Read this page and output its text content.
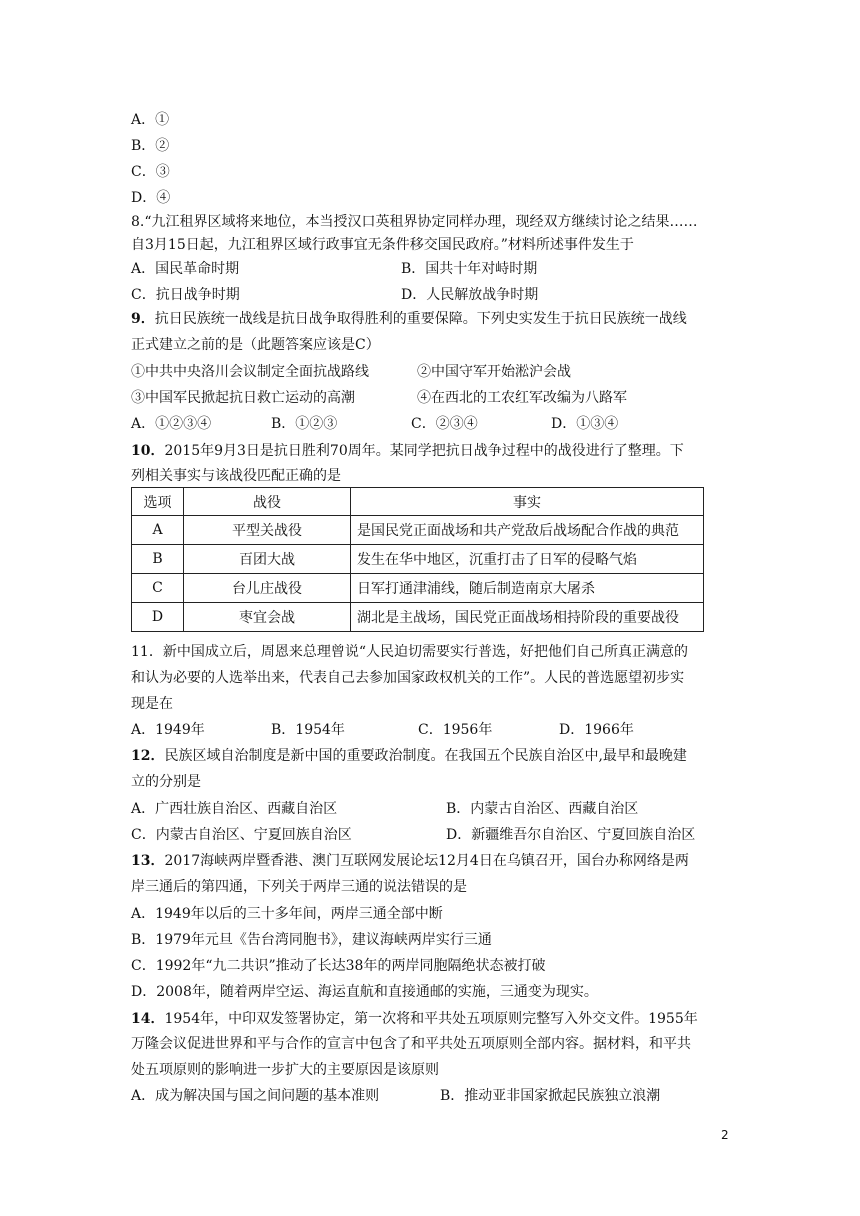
A．①
B．②
C．③
D．④
8.“九江租界区域将来地位，本当授汉口英租界协定同样办理，现经双方继续讨论之结果……
自3月15日起，九江租界区域行政事宜无条件移交国民政府。”材料所述事件发生于
A．国民革命时期	B．国共十年对峙时期
C．抗日战争时期	D．人民解放战争时期
9．抗日民族统一战线是抗日战争取得胜利的重要保障。下列史实发生于抗日民族统一战线
正式建立之前的是（此题答案应该是C）
①中共中央洛川会议制定全面抗战路线	②中国守军开始淞沪会战
③中国军民掀起抗日救亡运动的高潮	④在西北的工农红军改编为八路军
A．①②③④	B．①②③	C．②③④	D．①③④
10．2015年9月3日是抗日胜利70周年。某同学把抗日战争过程中的战役进行了整理。下
列相关事实与该战役匹配正确的是
选项	战役	事实
A	平型关战役	是国民党正面战场和共产党敌后战场配合作战的典范
B	百团大战	发生在华中地区，沉重打击了日军的侵略气焰
C	台儿庄战役	日军打通津浦线，随后制造南京大屠杀
D	枣宜会战	湖北是主战场，国民党正面战场相持阶段的重要战役
11．新中国成立后，周恩来总理曾说“人民迫切需要实行普选，好把他们自己所真正满意的
和认为必要的人选举出来，代表自己去参加国家政权机关的工作”。人民的普选愿望初步实
现是在
A．1949年	B．1954年	C．1956年	D．1966年
12．民族区域自治制度是新中国的重要政治制度。在我国五个民族自治区中,最早和最晚建
立的分别是
A．广西壮族自治区、西藏自治区	B．内蒙古自治区、西藏自治区
C．内蒙古自治区、宁夏回族自治区	D．新疆维吾尔自治区、宁夏回族自治区
13．2017海峡两岸暨香港、澳门互联网发展论坛12月4日在乌镇召开，国台办称网络是两
岸三通后的第四通，下列关于两岸三通的说法错误的是
A．1949年以后的三十多年间，两岸三通全部中断
B．1979年元旦《告台湾同胞书》，建议海峡两岸实行三通
C．1992年“九二共识”推动了长达38年的两岸同胞隔绝状态被打破
D．2008年，随着两岸空运、海运直航和直接通邮的实施，三通变为现实。
14．1954年，中印双发签署协定，第一次将和平共处五项原则完整写入外交文件。1955年
万隆会议促进世界和平与合作的宣言中包含了和平共处五项原则全部内容。据材料，和平共
处五项原则的影响进一步扩大的主要原因是该原则
A．成为解决国与国之间问题的基本准则	B．推动亚非国家掀起民族独立浪潮
2
